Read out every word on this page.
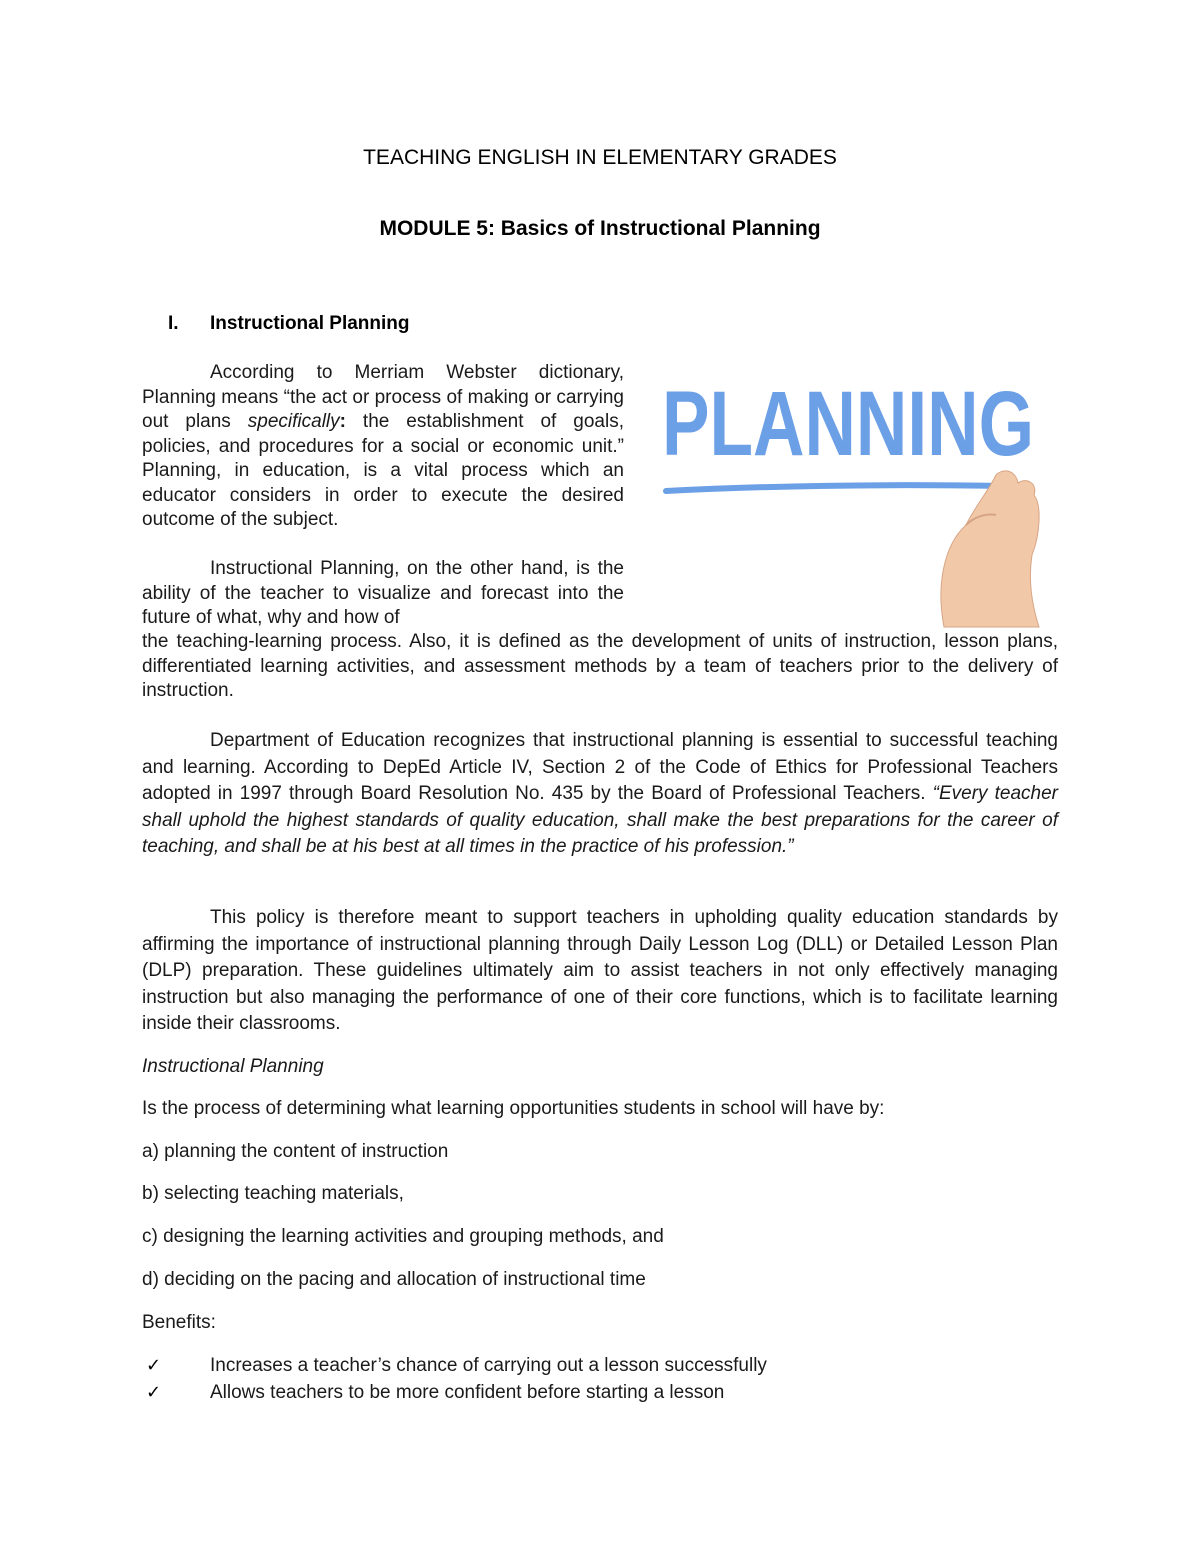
TEACHING ENGLISH IN ELEMENTARY GRADES
MODULE 5: Basics of Instructional Planning
I. Instructional Planning

According to Merriam Webster dictionary, Planning means “the act or process of making or carrying out plans specifically: the establishment of goals, policies, and procedures for a social or economic unit.” Planning, in education, is a vital process which an educator considers in order to execute the desired outcome of the subject.

Instructional Planning, on the other hand, is the ability of the teacher to visualize and forecast into the future of what, why and how of

the teaching-learning process. Also, it is defined as the development of units of instruction, lesson plans, differentiated learning activities, and assessment methods by a team of teachers prior to the delivery of instruction.

Department of Education recognizes that instructional planning is essential to successful teaching and learning. According to DepEd Article IV, Section 2 of the Code of Ethics for Professional Teachers adopted in 1997 through Board Resolution No. 435 by the Board of Professional Teachers. “Every teacher shall uphold the highest standards of quality education, shall make the best preparations for the career of teaching, and shall be at his best at all times in the practice of his profession.”

This policy is therefore meant to support teachers in upholding quality education standards by affirming the importance of instructional planning through Daily Lesson Log (DLL) or Detailed Lesson Plan (DLP) preparation. These guidelines ultimately aim to assist teachers in not only effectively managing instruction but also managing the performance of one of their core functions, which is to facilitate learning inside their classrooms.

Instructional Planning

Is the process of determining what learning opportunities students in school will have by:

a) planning the content of instruction

b) selecting teaching materials,

c) designing the learning activities and grouping methods, and

d) deciding on the pacing and allocation of instructional time

Benefits:

✓	Increases a teacher’s chance of carrying out a lesson successfully
✓	Allows teachers to be more confident before starting a lesson
PLANNING
